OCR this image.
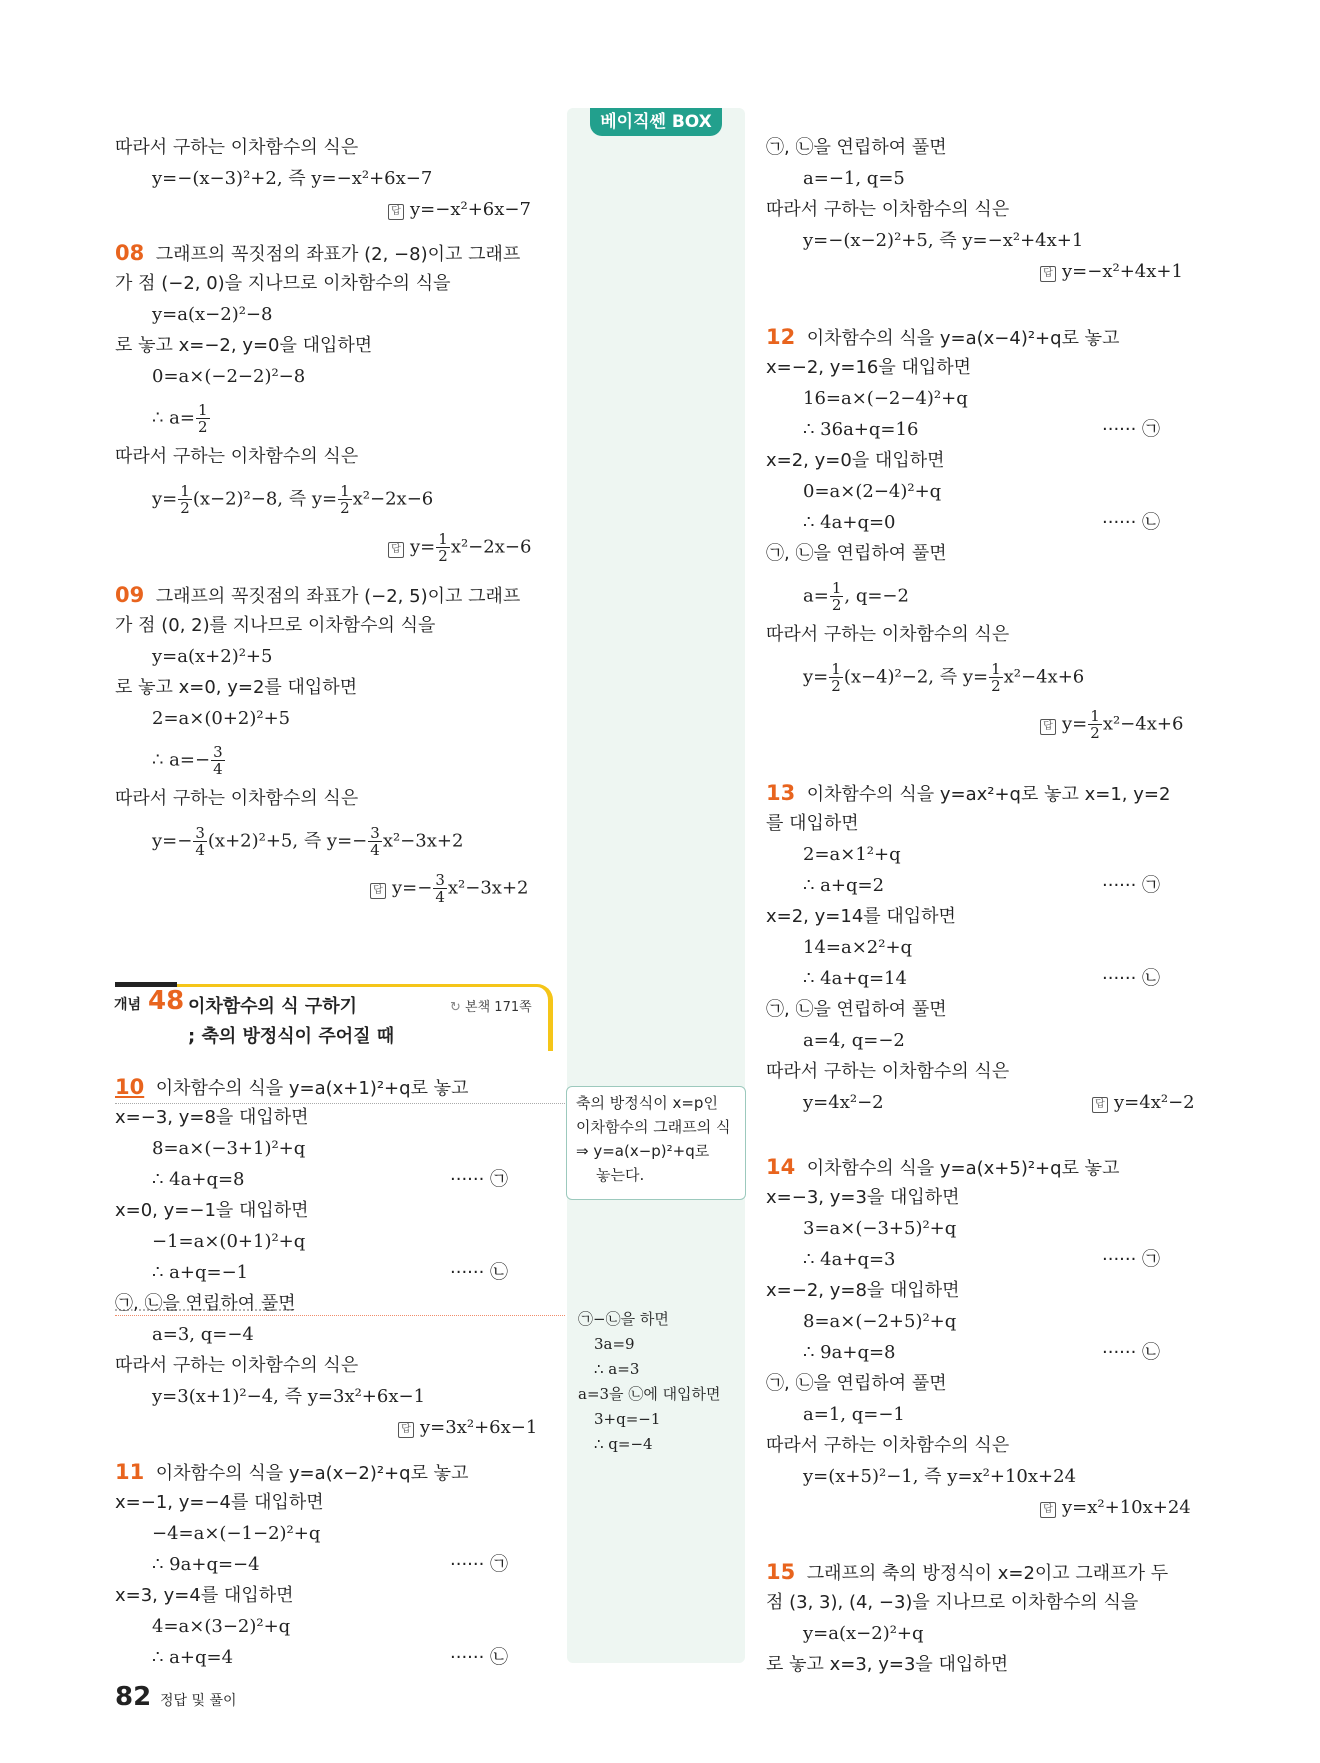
베이직쎈 BOX
축의 방정식이 x=p인
이차함수의 그래프의 식
⇒ y=a(x−p)²+q로
놓는다.
㉠−㉡을 하면
3a=9
∴ a=3
a=3을 ㉡에 대입하면
3+q=−1
∴ q=−4
따라서 구하는 이차함수의 식은
y=−(x−3)²+2, 즉 y=−x²+6x−7
답 y=−x²+6x−7
08 그래프의 꼭짓점의 좌표가 (2, −8)이고 그래프
가 점 (−2, 0)을 지나므로 이차함수의 식을
y=a(x−2)²−8
로 놓고 x=−2, y=0을 대입하면
0=a×(−2−2)²−8
∴ $a= \frac{1}{2}$
따라서 구하는 이차함수의 식은
$y= \frac{1}{2} (x-2)^2-8$, 즉 $y= \frac{1}{2} x^2-2x-6$
답 $y= \frac{1}{2} x^2-2x-6$
09 그래프의 꼭짓점의 좌표가 (−2, 5)이고 그래프
가 점 (0, 2)를 지나므로 이차함수의 식을
y=a(x+2)²+5
로 놓고 x=0, y=2를 대입하면
2=a×(0+2)²+5
∴ $a=- \frac{3}{4}$
따라서 구하는 이차함수의 식은
$y=- \frac{3}{4} (x+2)^2+5$, 즉 $y=- \frac{3}{4} x^2-3x+2$
답 $y=- \frac{3}{4} x^2-3x+2$
개념 48 이차함수의 식 구하기
; 축의 방정식이 주어질 때
↻ 본책 171쪽
10 이차함수의 식을 y=a(x+1)²+q로 놓고
x=−3, y=8을 대입하면
8=a×(−3+1)²+q
∴ 4a+q=8	······ ㉠
x=0, y=−1을 대입하면
−1=a×(0+1)²+q
∴ a+q=−1	······ ㉡
㉠, ㉡을 연립하여 풀면
a=3, q=−4
따라서 구하는 이차함수의 식은
y=3(x+1)²−4, 즉 y=3x²+6x−1
답 y=3x²+6x−1
11 이차함수의 식을 y=a(x−2)²+q로 놓고
x=−1, y=−4를 대입하면
−4=a×(−1−2)²+q
∴ 9a+q=−4	······ ㉠
x=3, y=4를 대입하면
4=a×(3−2)²+q
∴ a+q=4	······ ㉡
㉠, ㉡을 연립하여 풀면
a=−1, q=5
따라서 구하는 이차함수의 식은
y=−(x−2)²+5, 즉 y=−x²+4x+1
답 y=−x²+4x+1
12 이차함수의 식을 y=a(x−4)²+q로 놓고
x=−2, y=16을 대입하면
16=a×(−2−4)²+q
∴ 36a+q=16	······ ㉠
x=2, y=0을 대입하면
0=a×(2−4)²+q
∴ 4a+q=0	······ ㉡
㉠, ㉡을 연립하여 풀면
$a= \frac{1}{2}$ , q=−2
따라서 구하는 이차함수의 식은
$y= \frac{1}{2} (x-4)^2-2$, 즉 $y= \frac{1}{2} x^2-4x+6$
답 $y= \frac{1}{2} x^2-4x+6$
13 이차함수의 식을 y=ax²+q로 놓고 x=1, y=2
를 대입하면
2=a×1²+q
∴ a+q=2	······ ㉠
x=2, y=14를 대입하면
14=a×2²+q
∴ 4a+q=14	······ ㉡
㉠, ㉡을 연립하여 풀면
a=4, q=−2
따라서 구하는 이차함수의 식은
y=4x²−2	답 y=4x²−2
14 이차함수의 식을 y=a(x+5)²+q로 놓고
x=−3, y=3을 대입하면
3=a×(−3+5)²+q
∴ 4a+q=3	······ ㉠
x=−2, y=8을 대입하면
8=a×(−2+5)²+q
∴ 9a+q=8	······ ㉡
㉠, ㉡을 연립하여 풀면
a=1, q=−1
따라서 구하는 이차함수의 식은
y=(x+5)²−1, 즉 y=x²+10x+24
답 y=x²+10x+24
15 그래프의 축의 방정식이 x=2이고 그래프가 두
점 (3, 3), (4, −3)을 지나므로 이차함수의 식을
y=a(x−2)²+q
로 놓고 x=3, y=3을 대입하면
82 정답 및 풀이
